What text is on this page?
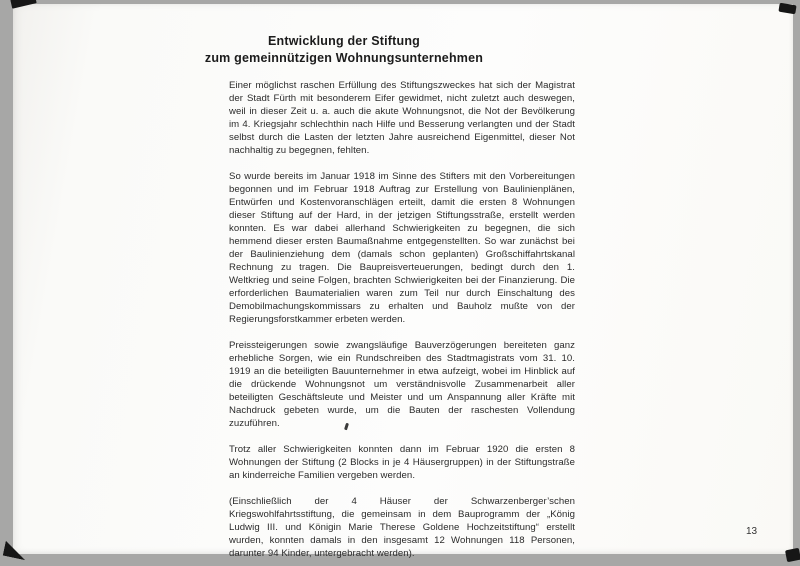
Entwicklung der Stiftung
zum gemeinnützigen Wohnungsunternehmen

Einer möglichst raschen Erfüllung des Stiftungszweckes hat sich der Magistrat der Stadt Fürth mit besonderem Eifer gewidmet, nicht zuletzt auch deswegen, weil in dieser Zeit u. a. auch die akute Wohnungsnot, die Not der Bevölkerung im 4. Kriegsjahr schlechthin nach Hilfe und Besserung verlangten und der Stadt selbst durch die Lasten der letzten Jahre ausreichend Eigenmittel, dieser Not nachhaltig zu begegnen, fehlten.

So wurde bereits im Januar 1918 im Sinne des Stifters mit den Vorbereitungen begonnen und im Februar 1918 Auftrag zur Erstellung von Baulinienplänen, Entwürfen und Kostenvoranschlägen erteilt, damit die ersten 8 Wohnungen dieser Stiftung auf der Hard, in der jetzigen Stiftungsstraße, erstellt werden konnten. Es war dabei allerhand Schwierigkeiten zu begegnen, die sich hemmend dieser ersten Baumaßnahme entgegenstellten. So war zunächst bei der Baulinienziehung dem (damals schon geplanten) Großschiffahrtskanal Rechnung zu tragen. Die Baupreisverteuerungen, bedingt durch den 1. Weltkrieg und seine Folgen, brachten Schwierigkeiten bei der Finanzierung. Die erforderlichen Baumaterialien waren zum Teil nur durch Einschaltung des Demobilmachungskommissars zu erhalten und Bauholz mußte von der Regierungsforstkammer erbeten werden.

Preissteigerungen sowie zwangsläufige Bauverzögerungen bereiteten ganz erhebliche Sorgen, wie ein Rundschreiben des Stadtmagistrats vom 31. 10. 1919 an die beteiligten Bauunternehmer in etwa aufzeigt, wobei im Hinblick auf die drückende Wohnungsnot um verständnisvolle Zusammenarbeit aller beteiligten Geschäftsleute und Meister und um Anspannung aller Kräfte mit Nachdruck gebeten wurde, um die Bauten der raschesten Vollendung zuzuführen.

Trotz aller Schwierigkeiten konnten dann im Februar 1920 die ersten 8 Wohnungen der Stiftung (2 Blocks in je 4 Häusergruppen) in der Stiftungstraße an kinderreiche Familien vergeben werden.

(Einschließlich der 4 Häuser der Schwarzenberger’schen Kriegswohlfahrtsstiftung, die gemeinsam in dem Bauprogramm der „König Ludwig III. und Königin Marie Therese Goldene Hochzeitstiftung“ erstellt wurden, konnten damals in den insgesamt 12 Wohnungen 118 Personen, darunter 94 Kinder, untergebracht werden).

13
